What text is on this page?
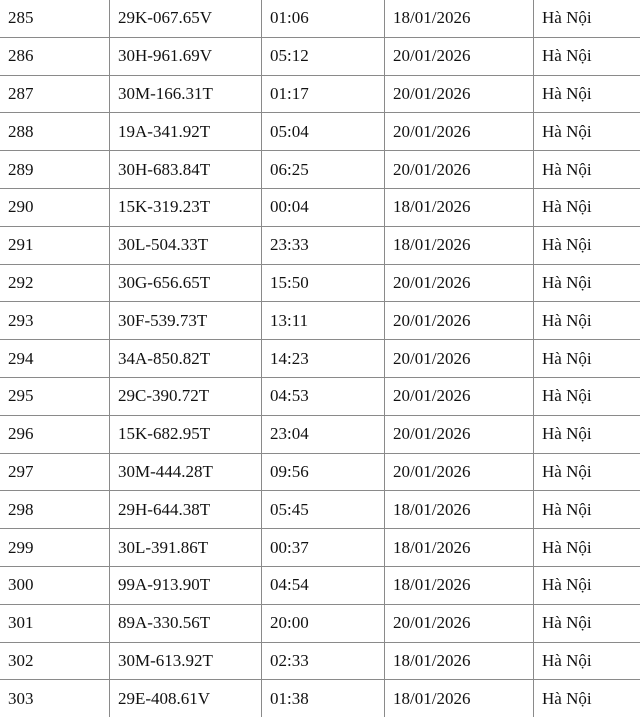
285	29K-067.65V	01:06	18/01/2026	Hà Nội
286	30H-961.69V	05:12	20/01/2026	Hà Nội
287	30M-166.31T	01:17	20/01/2026	Hà Nội
288	19A-341.92T	05:04	20/01/2026	Hà Nội
289	30H-683.84T	06:25	20/01/2026	Hà Nội
290	15K-319.23T	00:04	18/01/2026	Hà Nội
291	30L-504.33T	23:33	18/01/2026	Hà Nội
292	30G-656.65T	15:50	20/01/2026	Hà Nội
293	30F-539.73T	13:11	20/01/2026	Hà Nội
294	34A-850.82T	14:23	20/01/2026	Hà Nội
295	29C-390.72T	04:53	20/01/2026	Hà Nội
296	15K-682.95T	23:04	20/01/2026	Hà Nội
297	30M-444.28T	09:56	20/01/2026	Hà Nội
298	29H-644.38T	05:45	18/01/2026	Hà Nội
299	30L-391.86T	00:37	18/01/2026	Hà Nội
300	99A-913.90T	04:54	18/01/2026	Hà Nội
301	89A-330.56T	20:00	20/01/2026	Hà Nội
302	30M-613.92T	02:33	18/01/2026	Hà Nội
303	29E-408.61V	01:38	18/01/2026	Hà Nội
